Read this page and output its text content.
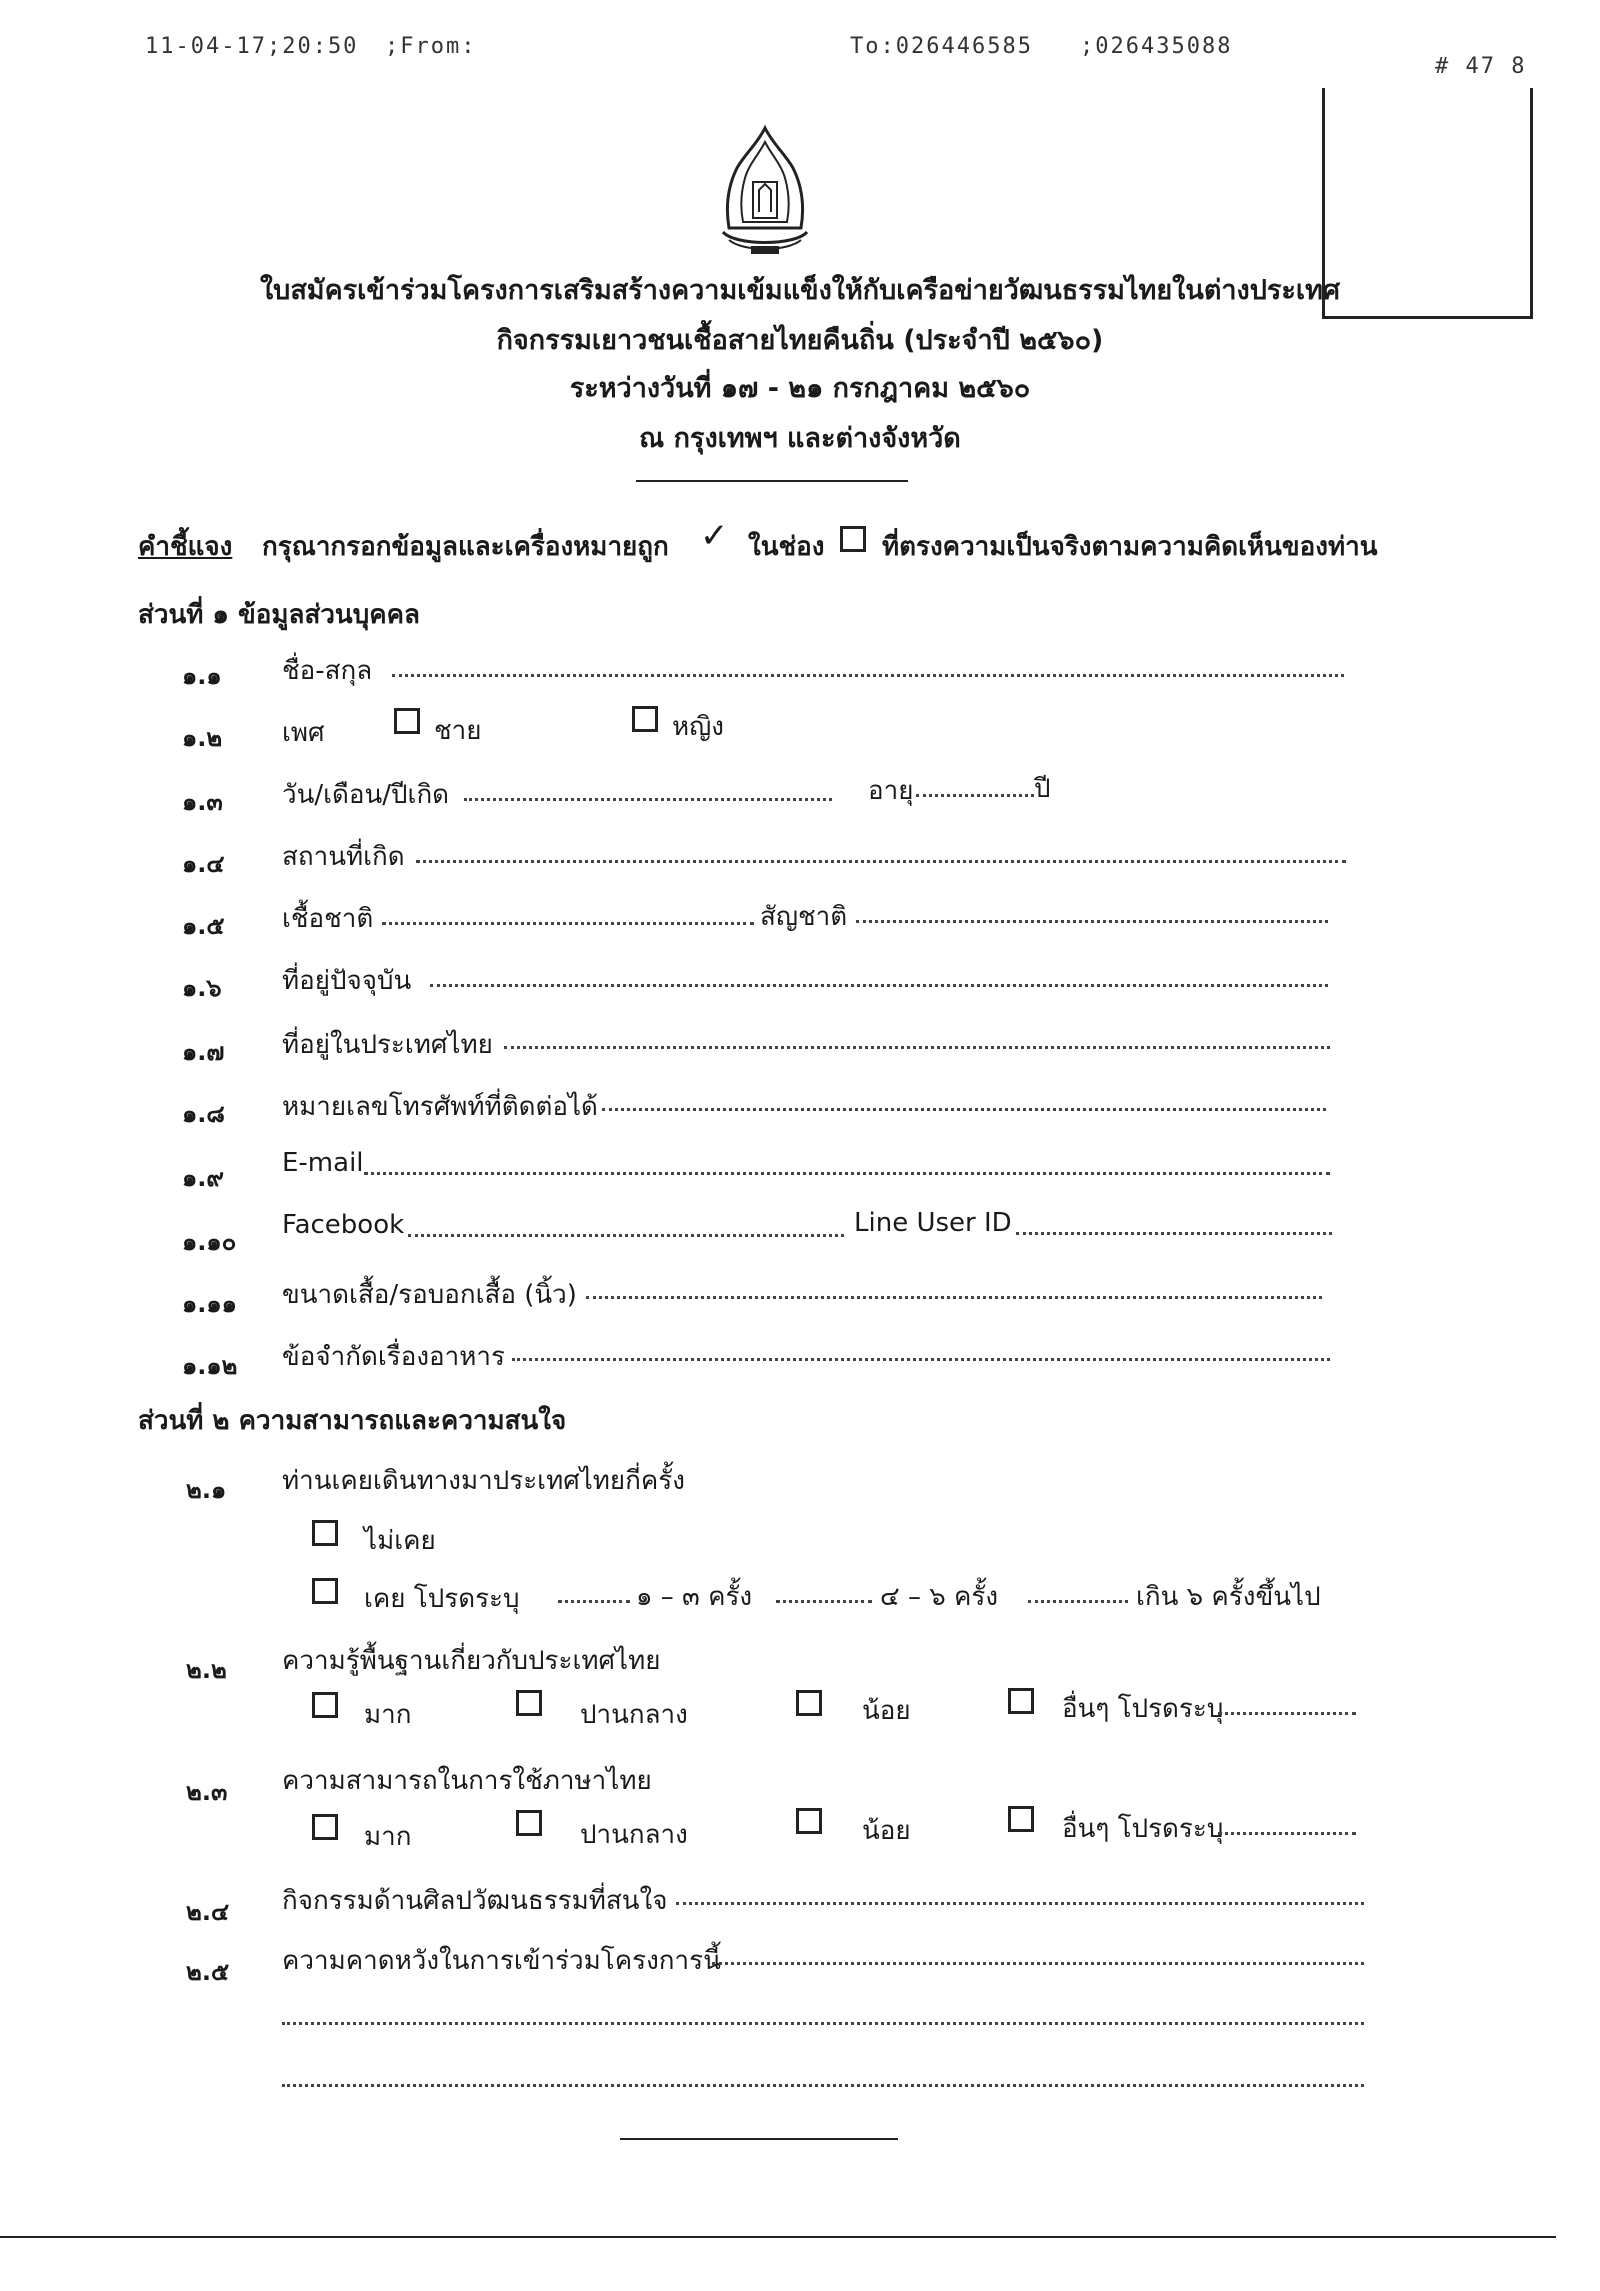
11-04-17;20:50 ;From:	To:026446585 ;026435088
# 47 8
ใบสมัครเข้าร่วมโครงการเสริมสร้างความเข้มแข็งให้กับเครือข่ายวัฒนธรรมไทยในต่างประเทศ
กิจกรรมเยาวชนเชื้อสายไทยคืนถิ่น (ประจำปี ๒๕๖๐)
ระหว่างวันที่ ๑๗ - ๒๑ กรกฎาคม ๒๕๖๐
ณ กรุงเทพฯ และต่างจังหวัด
คำชี้แจง กรุณากรอกข้อมูลและเครื่องหมายถูก ✓ ในช่อง ที่ตรงความเป็นจริงตามความคิดเห็นของท่าน
ส่วนที่ ๑ ข้อมูลส่วนบุคคล
๑.๑ ชื่อ-สกุล
๑.๒ เพศ	ชาย	หญิง
๑.๓ วัน/เดือน/ปีเกิด	อายุ	ปี
๑.๔ สถานที่เกิด
๑.๕ เชื้อชาติ	สัญชาติ
๑.๖ ที่อยู่ปัจจุบัน
๑.๗ ที่อยู่ในประเทศไทย
๑.๘ หมายเลขโทรศัพท์ที่ติดต่อได้
๑.๙ E-mail
๑.๑๐
Facebook	Line User ID
๑.๑๑ ขนาดเสื้อ/รอบอกเสื้อ (นิ้ว)
๑.๑๒ ข้อจำกัดเรื่องอาหาร
ส่วนที่ ๒ ความสามารถและความสนใจ
๒.๑ ท่านเคยเดินทางมาประเทศไทยกี่ครั้ง
ไม่เคย
เคย โปรดระบุ	๑ – ๓ ครั้ง	๔ – ๖ ครั้ง	เกิน ๖ ครั้งขึ้นไป
๒.๒ ความรู้พื้นฐานเกี่ยวกับประเทศไทย
มาก	ปานกลาง	น้อย	อื่นๆ โปรดระบุ
๒.๓ ความสามารถในการใช้ภาษาไทย
มาก	ปานกลาง	น้อย	อื่นๆ โปรดระบุ
๒.๔ กิจกรรมด้านศิลปวัฒนธรรมที่สนใจ
๒.๕ ความคาดหวังในการเข้าร่วมโครงการนี้
